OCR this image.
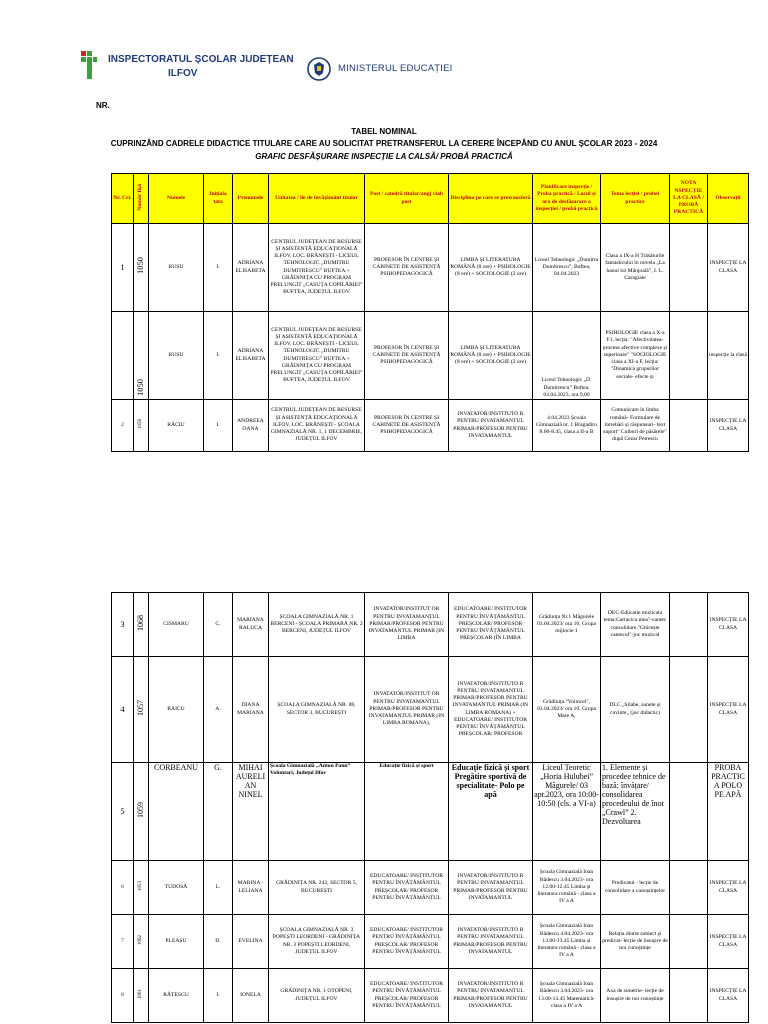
INSPECTORATUL ȘCOLAR JUDEȚEAN
ILFOV	MINISTERUL EDUCAȚIEI
NR.
TABEL NOMINAL
CUPRINZÂND CADRELE DIDACTICE TITULARE CARE AU SOLICITAT PRETRANSFERUL LA CERERE ÎNCEPÂND CU ANUL ȘCOLAR 2023 - 2024
GRAFIC DESFĂȘURARE INSPECȚIE LA CALSĂ/ PROBĂ PRACTICĂ
Nr. Crt.	Număr fișă	Numele	Inițiala tata	Prenumele	Unitatea / ile de învățământ titular	Post / catedră titular/angj viab post	Disciplina pe care se pretransferă	Planificare inspecție / Proba practică / Locul și ora de desfășurare a inspecției / probă practică	Tema lecției / probei practice	NOTA NSPECȚIE LA CLASĂ / PROBĂ PRACTICĂ	Observații
1	1050	RUSU	I.	ADRIANA ELISABETA	CENTRUL JUDEȚEAN DE RESURSE ȘI ASISTENȚĂ EDUCAȚIONALĂ ILFOV, LOC. BRĂNEȘTI - LICEUL TEHNOLOGIC „DUMITRU DUMITRESCU” BUFTEA + GRĂDINIȚA CU PROGRAM PRELUNGIT „CASUȚA COPILĂRIEI” BUFTEA, JUDEȚUL ILFOV	PROFESOR ÎN CENTRE ȘI CABINETE DE ASISTENȚĂ PSIHOPEDAGOGICĂ	LIMBA ȘI LITERATURA ROMÂNĂ (8 ore) + PSIHOLOGIE (8 ore) + SOCIOLOGIE (2 ore)	Liceul Tehnologic „Dumitru Dumitrescu”, Buftea, 04.04.2023	Clasa a IX-a H Trăsăturile fantasticului în nuvela „La hanul lui Mânjoală”, I. L. Caragiale		INSPECȚIE LA CLASA
	1050	RUSU	I.	ADRIANA ELISABETA	CENTRUL JUDEȚEAN DE RESURSE ȘI ASISTENȚĂ EDUCAȚIONALĂ ILFOV, LOC. BRĂNEȘTI - LICEUL TEHNOLOGIC „DUMITRU DUMITRESCU” BUFTEA + GRĂDINIȚA CU PROGRAM PRELUNGIT „CASUȚA COPILĂRIEI” BUFTEA, JUDEȚUL ILFOV	PROFESOR ÎN CENTRE ȘI CABINETE DE ASISTENȚĂ PSIHOPEDAGOGICĂ	LIMBA ȘI LITERATURA ROMÂNĂ (8 ore) + PSIHOLOGIE (8 ore) + SOCIOLOGIE (2 ore)	Liceul Tehnologic „D. Dumitrescu” Buftea, 04.04.2023, ora 9,00	PSIHOLOGIE clasa a X-a F1, lecția: "Afectivitatea- procese afective complexe și superioare" "SOCIOLOGIE clasa a XI-a F, lecția: "Dinamica grupurilor sociale- efecte și		inspecție la clasă
2	1056	RĂCIU	I.	ANDREEA OANA	CENTRUL JUDEȚEAN DE RESURSE ȘI ASISTENȚĂ EDUCAȚIONALĂ ILFOV, LOC. BRĂNEȘTI - ȘCOALA GIMNAZIALĂ NR. 1, 1 DECEMBRIE, JUDEȚUL ILFOV	PROFESOR ÎN CENTRE ȘI CABINETE DE ASISTENȚĂ PSIHOPEDAGOGICĂ	INVATATOR/INSTITUTO R PENTRU INVATAMANTUL PRIMAR/PROFESOR PENTRU INVATAMANTUL	4.04.2023 Școala Gimnazială nr. 1 Bragadiru 8.00-8.45, clasa a II-a B	Comunicare în limba română- Formulare de întrebări și răspunsuri- text suport" Cuiburi de păsărele" după Cezar Petrescu		INSPECȚIE LA CLASA
3	1068	CISMARU	C.	MARIANA RALUCA	ȘCOALA GIMNAZIALĂ NR. 1 BERCENI - ȘCOALA PRIMARĂ NR. 2 BERCENI, JUDEȚUL ILFOV	INVATATOR/INSTITUT OR PENTRU INVATAMANTUL PRIMAR/PROFESOR PENTRU INVATAMANTUL PRIMAR (IN LIMBA	EDUCATOARE/ INSTITUTOR PENTRU ÎNVĂȚĂMÂNTUL PREȘCOLAR/ PROFESOR PENTRU ÎNVĂȚĂMÂNTUL PREȘCOLAR (ÎN LIMBA	Grădinița Nr.1 Măgurele 03.04.2023/ ora 10, Grupa mijlocie 1	DEC-Educatie muzicala tema:Cartacica mea"-cantec consolidare,"Ghicește cantecul"-joc muzical		INSPECȚIE LA CLASA
4	1057	RAICU	A.	DIANA MARIANA	ȘCOALA GIMNAZIALĂ NR. 88, SECTOR 3, BUCUREȘTI	INVATATOR/INSTITUT OR PENTRU INVATAMANTUL PRIMAR/PROFESOR PENTRU INVATAMANTUL PRIMAR (IN LIMBA ROMANA),	INVATATOR/INSTITUTO R PENTRU INVATAMANTUL PRIMAR/PROFESOR PENTRU INVATAMANTUL PRIMAR (IN LIMBA ROMANA) + EDUCATOARE/ INSTITUTOR PENTRU ÎNVĂȚĂMÂNTUL PREȘCOLAR/ PROFESOR	Grădinița "Voinicel", 03.04.2023/ ora 10, Grupa Mare A,	DLC „Silabe, sunete și cuvinte„ (joc didactic)		INSPECȚIE LA CLASA
5	1059	CORBEANU	G.	MIHAI AURELIAN NINEL	Școala Gimnazială „Anton Pann” Voluntari, Județul Ilfov	Educație fizică și sport	Educație fizică și sport Pregătire sportivă de specialitate- Polo pe apă	Liceul Teoretic „Horia Hulubei” Măgurele/ 03 apr.2023, ora 10:00-10:50 (cls. a VI-a)	1. Elemente și procedee tehnice de bază: învățare/ consolidarea procedeului de înot „Crawl” 2. Dezvoltarea		PROBA PRACTICA POLO PE APĂ
6	1053	TUDOSĂ	L.	MARINA - LELIANA	GRĂDINIȚA NR. 242, SECTOR 5, BUCUREȘTI	EDUCATOARE/ INSTITUTOR PENTRU ÎNVĂȚĂMÂNTUL PREȘCOLAR/ PROFESOR PENTRU ÎNVĂȚĂMÂNTUL	INVATATOR/INSTITUTO R PENTRU INVATAMANTUL PRIMAR/PROFESOR PENTRU INVATAMANTUL	Școala Gimnazială Ioan Bădescu 3.04.2023- ora 12.00-12.45 Limba și literatura română - clasa a IV a A	Predicatul - lecție de consolidare a cunoștințelor		INSPECȚIE LA CLASA
7	1062	PLEAȘU	D.	EVELINA	ȘCOALA GIMNAZIALĂ NR. 3 POPEȘTI LEORDENI - GRĂDINIȚA NR. 3 POPEȘTI LEORDENI, JUDEȚUL ILFOV	EDUCATOARE/ INSTITUTOR PENTRU ÎNVĂȚĂMÂNTUL PREȘCOLAR/ PROFESOR PENTRU ÎNVĂȚĂMÂNTUL	INVATATOR/INSTITUTO R PENTRU INVATAMANTUL PRIMAR/PROFESOR PENTRU INVATAMANTUL	Școala Gimnazială Ioan Bădescu 4.04.2023- ora 13.00-13.45 Limba și literatura română - clasa a IV a A	Relația dintre subiect și predicat- lecție de însușire de noi cunoștințe		INSPECȚIE LA CLASA
8	1061	RĂTESCU	I.	IONELA	GRĂDINIȚA NR. 1 OTOPENI, JUDEȚUL ILFOV	EDUCATOARE/ INSTITUTOR PENTRU ÎNVĂȚĂMÂNTUL PREȘCOLAR/ PROFESOR PENTRU ÎNVĂȚĂMÂNTUL	INVATATOR/INSTITUTO R PENTRU INVATAMANTUL PRIMAR/PROFESOR PENTRU INVATAMANTUL	Școala Gimnazială Ioan Bădescu 3.04.2023- ora 13.00-13.45 Matematică- clasa a IV a A	Axa de simetrie- lecție de însușire de noi cunoștințe		INSPECȚIE LA CLASA
